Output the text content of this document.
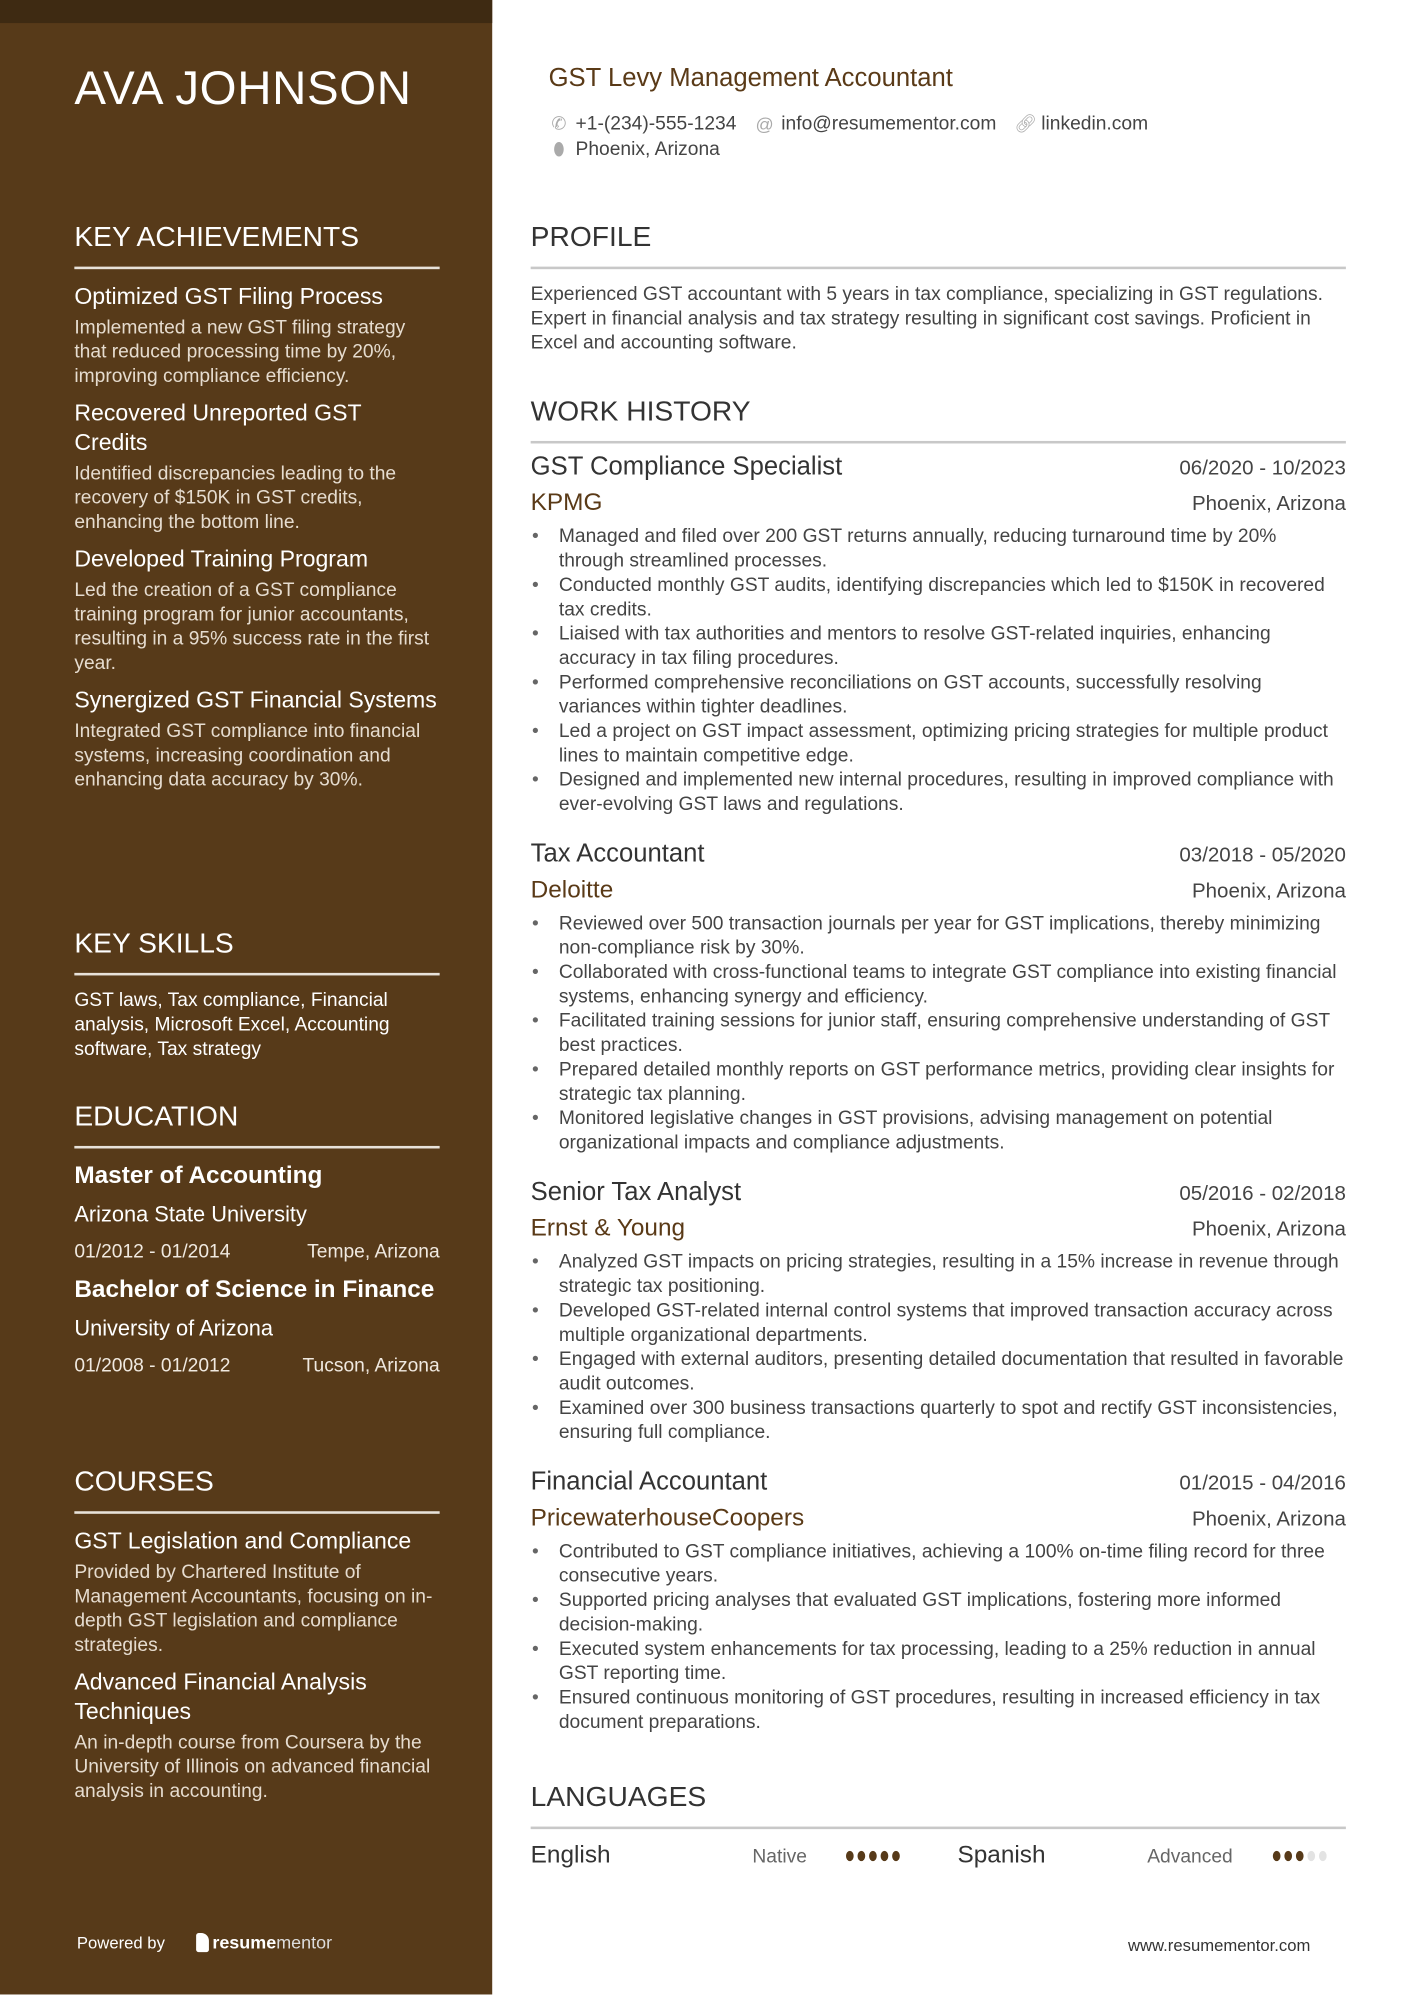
AVA JOHNSON
KEY ACHIEVEMENTS
Optimized GST Filing Process
Implemented a new GST filing strategy that reduced processing time by 20%, improving compliance efficiency.
Recovered Unreported GST Credits
Identified discrepancies leading to the recovery of $150K in GST credits, enhancing the bottom line.
Developed Training Program
Led the creation of a GST compliance training program for junior accountants, resulting in a 95% success rate in the first year.
Synergized GST Financial Systems
Integrated GST compliance into financial systems, increasing coordination and enhancing data accuracy by 30%.
KEY SKILLS
GST laws, Tax compliance, Financial analysis, Microsoft Excel, Accounting software, Tax strategy
EDUCATION
Master of Accounting
Arizona State University
01/2012 - 01/2014	Tempe, Arizona
Bachelor of Science in Finance
University of Arizona
01/2008 - 01/2012	Tucson, Arizona
COURSES
GST Legislation and Compliance
Provided by Chartered Institute of Management Accountants, focusing on in-depth GST legislation and compliance strategies.
Advanced Financial Analysis Techniques
An in-depth course from Coursera by the University of Illinois on advanced financial analysis in accounting.
Powered by	resume mentor
GST Levy Management Accountant
✆ +1-(234)-555-1234 @ info@resumementor.com 🔗︎ linkedin.com
⬮ Phoenix, Arizona
PROFILE
Experienced GST accountant with 5 years in tax compliance, specializing in GST regulations. Expert in financial analysis and tax strategy resulting in significant cost savings. Proficient in Excel and accounting software.
WORK HISTORY
GST Compliance Specialist	06/2020 - 10/2023
KPMG	Phoenix, Arizona
• Managed and filed over 200 GST returns annually, reducing turnaround time by 20% through streamlined processes.
• Conducted monthly GST audits, identifying discrepancies which led to $150K in recovered tax credits.
• Liaised with tax authorities and mentors to resolve GST-related inquiries, enhancing accuracy in tax filing procedures.
• Performed comprehensive reconciliations on GST accounts, successfully resolving variances within tighter deadlines.
• Led a project on GST impact assessment, optimizing pricing strategies for multiple product lines to maintain competitive edge.
• Designed and implemented new internal procedures, resulting in improved compliance with ever-evolving GST laws and regulations.
Tax Accountant	03/2018 - 05/2020
Deloitte	Phoenix, Arizona
• Reviewed over 500 transaction journals per year for GST implications, thereby minimizing non-compliance risk by 30%.
• Collaborated with cross-functional teams to integrate GST compliance into existing financial systems, enhancing synergy and efficiency.
• Facilitated training sessions for junior staff, ensuring comprehensive understanding of GST best practices.
• Prepared detailed monthly reports on GST performance metrics, providing clear insights for strategic tax planning.
• Monitored legislative changes in GST provisions, advising management on potential organizational impacts and compliance adjustments.
Senior Tax Analyst	05/2016 - 02/2018
Ernst & Young	Phoenix, Arizona
• Analyzed GST impacts on pricing strategies, resulting in a 15% increase in revenue through strategic tax positioning.
• Developed GST-related internal control systems that improved transaction accuracy across multiple organizational departments.
• Engaged with external auditors, presenting detailed documentation that resulted in favorable audit outcomes.
• Examined over 300 business transactions quarterly to spot and rectify GST inconsistencies, ensuring full compliance.
Financial Accountant	01/2015 - 04/2016
PricewaterhouseCoopers	Phoenix, Arizona
• Contributed to GST compliance initiatives, achieving a 100% on-time filing record for three consecutive years.
• Supported pricing analyses that evaluated GST implications, fostering more informed decision-making.
• Executed system enhancements for tax processing, leading to a 25% reduction in annual GST reporting time.
• Ensured continuous monitoring of GST procedures, resulting in increased efficiency in tax document preparations.
LANGUAGES
English	Native	Spanish	Advanced
www.resumementor.com
